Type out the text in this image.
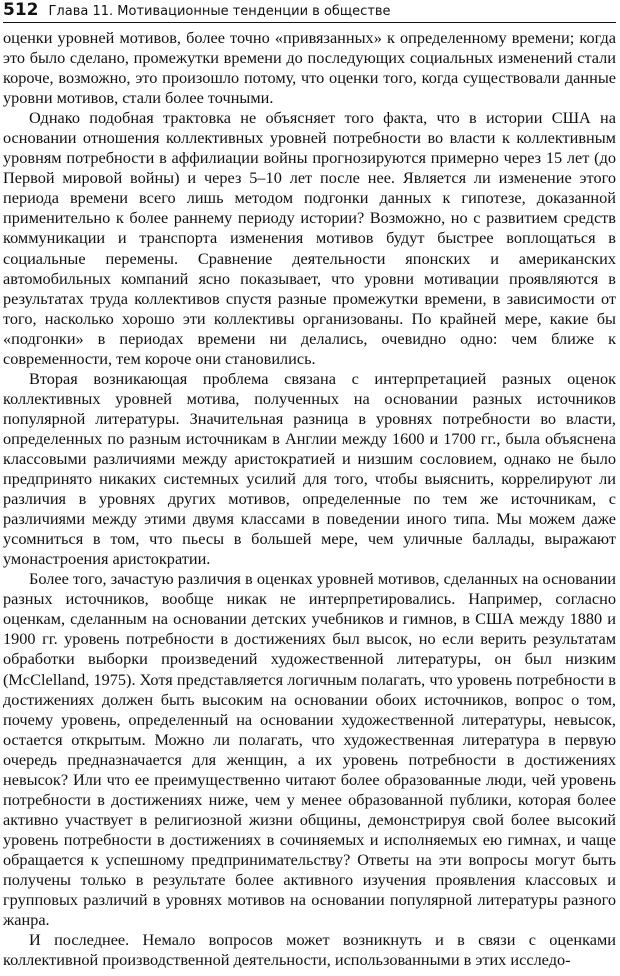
512 Глава 11. Мотивационные тенденции в обществе

оценки уровней мотивов, более точно «привязанных» к определенному времени; когда это было сделано, промежутки времени до последующих социальных изменений стали короче, возможно, это произошло потому, что оценки того, когда существовали данные уровни мотивов, стали более точными.

Однако подобная трактовка не объясняет того факта, что в истории США на основании отношения коллективных уровней потребности во власти к коллективным уровням потребности в аффилиации войны прогнозируются примерно через 15 лет (до Первой мировой войны) и через 5–10 лет после нее. Является ли изменение этого периода времени всего лишь методом подгонки данных к гипотезе, доказанной применительно к более раннему периоду истории? Возможно, но с развитием средств коммуникации и транспорта изменения мотивов будут быстрее воплощаться в социальные перемены. Сравнение деятельности японских и американских автомобильных компаний ясно показывает, что уровни мотивации проявляются в результатах труда коллективов спустя разные промежутки времени, в зависимости от того, насколько хорошо эти коллективы организованы. По крайней мере, какие бы «подгонки» в периодах времени ни делались, очевидно одно: чем ближе к современности, тем короче они становились.

Вторая возникающая проблема связана с интерпретацией разных оценок коллективных уровней мотива, полученных на основании разных источников популярной литературы. Значительная разница в уровнях потребности во власти, определенных по разным источникам в Англии между 1600 и 1700 гг., была объяснена классовыми различиями между аристократией и низшим сословием, однако не было предпринято никаких системных усилий для того, чтобы выяснить, коррелируют ли различия в уровнях других мотивов, определенные по тем же источникам, с различиями между этими двумя классами в поведении иного типа. Мы можем даже усомниться в том, что пьесы в большей мере, чем уличные баллады, выражают умонастроения аристократии.

Более того, зачастую различия в оценках уровней мотивов, сделанных на основании разных источников, вообще никак не интерпретировались. Например, согласно оценкам, сделанным на основании детских учебников и гимнов, в США между 1880 и 1900 гг. уровень потребности в достижениях был высок, но если верить результатам обработки выборки произведений художественной литературы, он был низким (McClelland, 1975). Хотя представляется логичным полагать, что уровень потребности в достижениях должен быть высоким на основании обоих источников, вопрос о том, почему уровень, определенный на основании художественной литературы, невысок, остается открытым. Можно ли полагать, что художественная литература в первую очередь предназначается для женщин, а их уровень потребности в достижениях невысок? Или что ее преимущественно читают более образованные люди, чей уровень потребности в достижениях ниже, чем у менее образованной публики, которая более активно участвует в религиозной жизни общины, демонстрируя свой более высокий уровень потребности в достижениях в сочиняемых и исполняемых ею гимнах, и чаще обращается к успешному предпринимательству? Ответы на эти вопросы могут быть получены только в результате более активного изучения проявления классовых и групповых различий в уровнях мотивов на основании популярной литературы разного жанра.

И последнее. Немало вопросов может возникнуть и в связи с оценками коллективной производственной деятельности, использованными в этих исследо-
